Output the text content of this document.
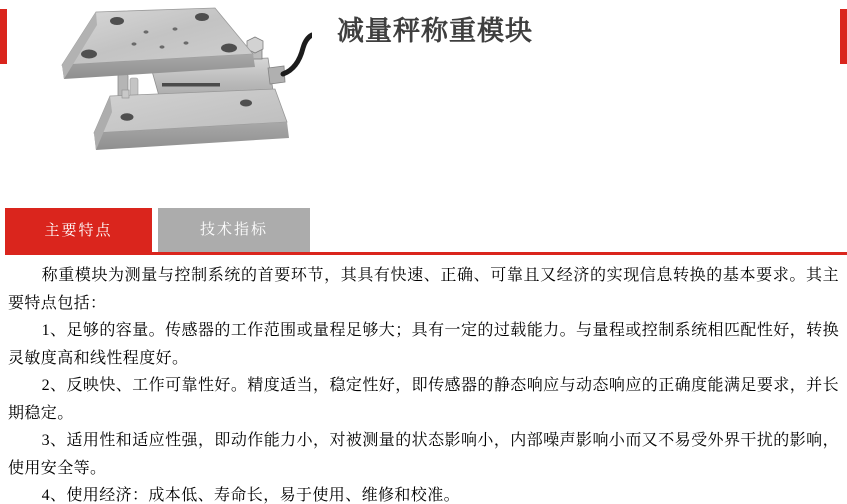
减量秤称重模块
主要特点	技术指标

称重模块为测量与控制系统的首要环节，其具有快速、正确、可靠且又经济的实现信息转换的基本要求。其主要特点包括：

1、足够的容量。传感器的工作范围或量程足够大；具有一定的过载能力。与量程或控制系统相匹配性好，转换灵敏度高和线性程度好。

2、反映快、工作可靠性好。精度适当，稳定性好，即传感器的静态响应与动态响应的正确度能满足要求，并长期稳定。

3、适用性和适应性强，即动作能力小，对被测量的状态影响小，内部噪声影响小而又不易受外界干扰的影响，使用安全等。

4、使用经济：成本低、寿命长，易于使用、维修和校准。
